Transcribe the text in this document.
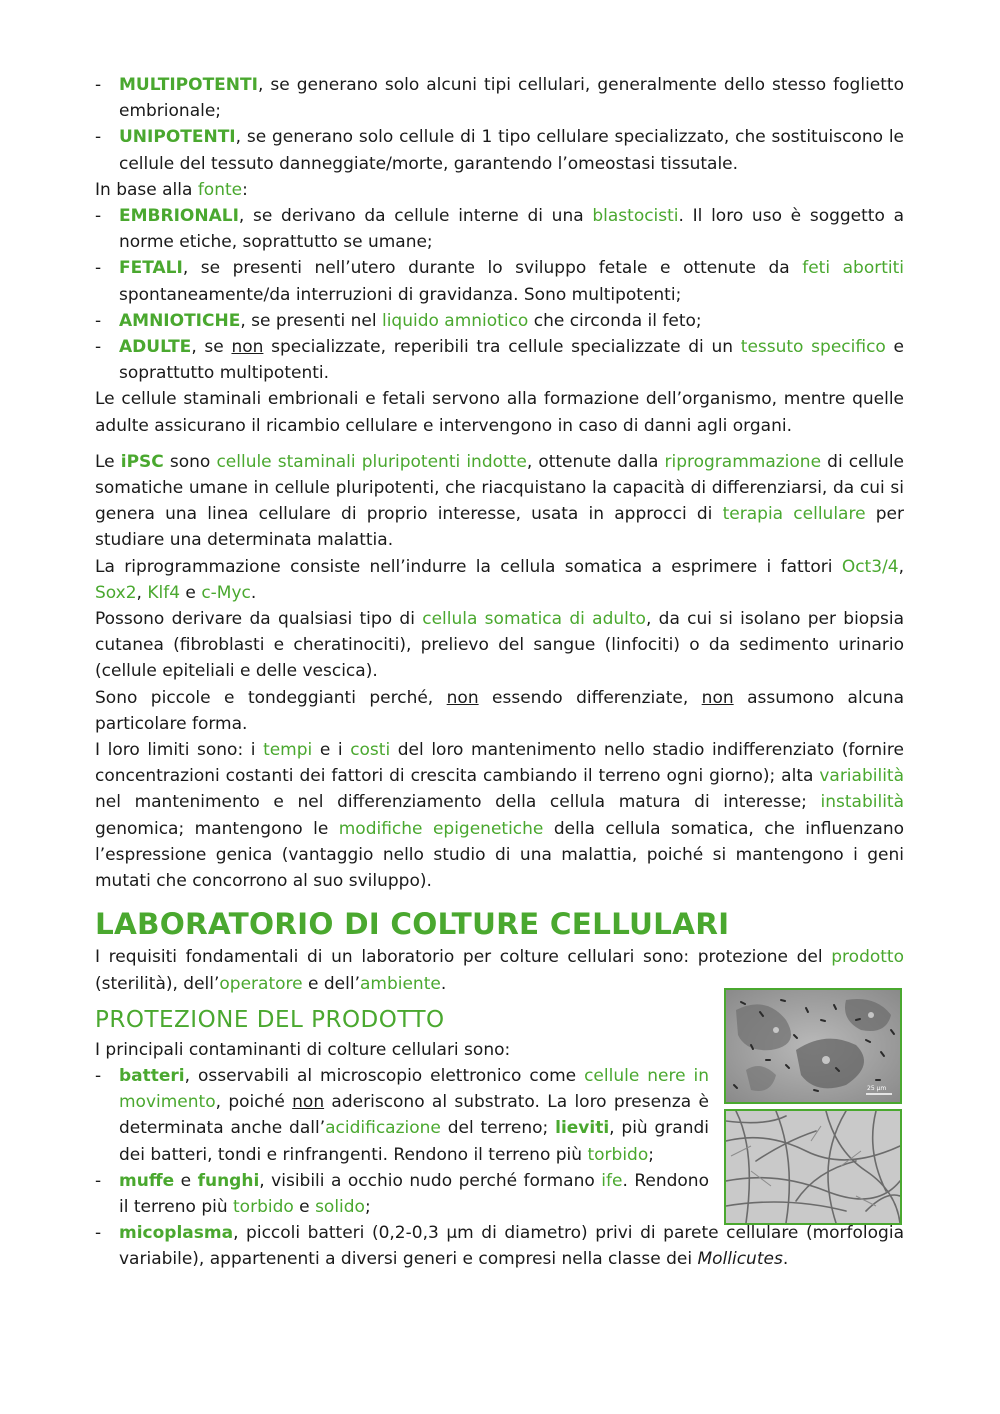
- MULTIPOTENTI, se generano solo alcuni tipi cellulari, generalmente dello stesso foglietto embrionale;
- UNIPOTENTI, se generano solo cellule di 1 tipo cellulare specializzato, che sostituiscono le cellule del tessuto danneggiate/morte, garantendo l’omeostasi tissutale.

In base alla fonte:

- EMBRIONALI, se derivano da cellule interne di una blastocisti. Il loro uso è soggetto a norme etiche, soprattutto se umane;
- FETALI, se presenti nell’utero durante lo sviluppo fetale e ottenute da feti abortiti spontaneamente/da interruzioni di gravidanza. Sono multipotenti;
- AMNIOTICHE, se presenti nel liquido amniotico che circonda il feto;
- ADULTE, se non specializzate, reperibili tra cellule specializzate di un tessuto specifico e soprattutto multipotenti.

Le cellule staminali embrionali e fetali servono alla formazione dell’organismo, mentre quelle adulte assicurano il ricambio cellulare e intervengono in caso di danni agli organi.

Le iPSC sono cellule staminali pluripotenti indotte, ottenute dalla riprogrammazione di cellule somatiche umane in cellule pluripotenti, che riacquistano la capacità di differenziarsi, da cui si genera una linea cellulare di proprio interesse, usata in approcci di terapia cellulare per studiare una determinata malattia.

La riprogrammazione consiste nell’indurre la cellula somatica a esprimere i fattori Oct3/4, Sox2, Klf4 e c-Myc.

Possono derivare da qualsiasi tipo di cellula somatica di adulto, da cui si isolano per biopsia cutanea (fibroblasti e cheratinociti), prelievo del sangue (linfociti) o da sedimento urinario (cellule epiteliali e delle vescica).

Sono piccole e tondeggianti perché, non essendo differenziate, non assumono alcuna particolare forma.

I loro limiti sono: i tempi e i costi del loro mantenimento nello stadio indifferenziato (fornire concentrazioni costanti dei fattori di crescita cambiando il terreno ogni giorno); alta variabilità nel mantenimento e nel differenziamento della cellula matura di interesse; instabilità genomica; mantengono le modifiche epigenetiche della cellula somatica, che influenzano l’espressione genica (vantaggio nello studio di una malattia, poiché si mantengono i geni mutati che concorrono al suo sviluppo).

LABORATORIO DI COLTURE CELLULARI

I requisiti fondamentali di un laboratorio per colture cellulari sono: protezione del prodotto (sterilità), dell’operatore e dell’ambiente.

PROTEZIONE DEL PRODOTTO

I principali contaminanti di colture cellulari sono:

- batteri, osservabili al microscopio elettronico come cellule nere in movimento, poiché non aderiscono al substrato. La loro presenza è determinata anche dall’acidificazione del terreno; lieviti, più grandi dei batteri, tondi e rinfrangenti. Rendono il terreno più torbido;
- muffe e funghi, visibili a occhio nudo perché formano ife. Rendono il terreno più torbido e solido;
- micoplasma, piccoli batteri (0,2-0,3 µm di diametro) privi di parete cellulare (morfologia variabile), appartenenti a diversi generi e compresi nella classe dei Mollicutes.
25 µm
